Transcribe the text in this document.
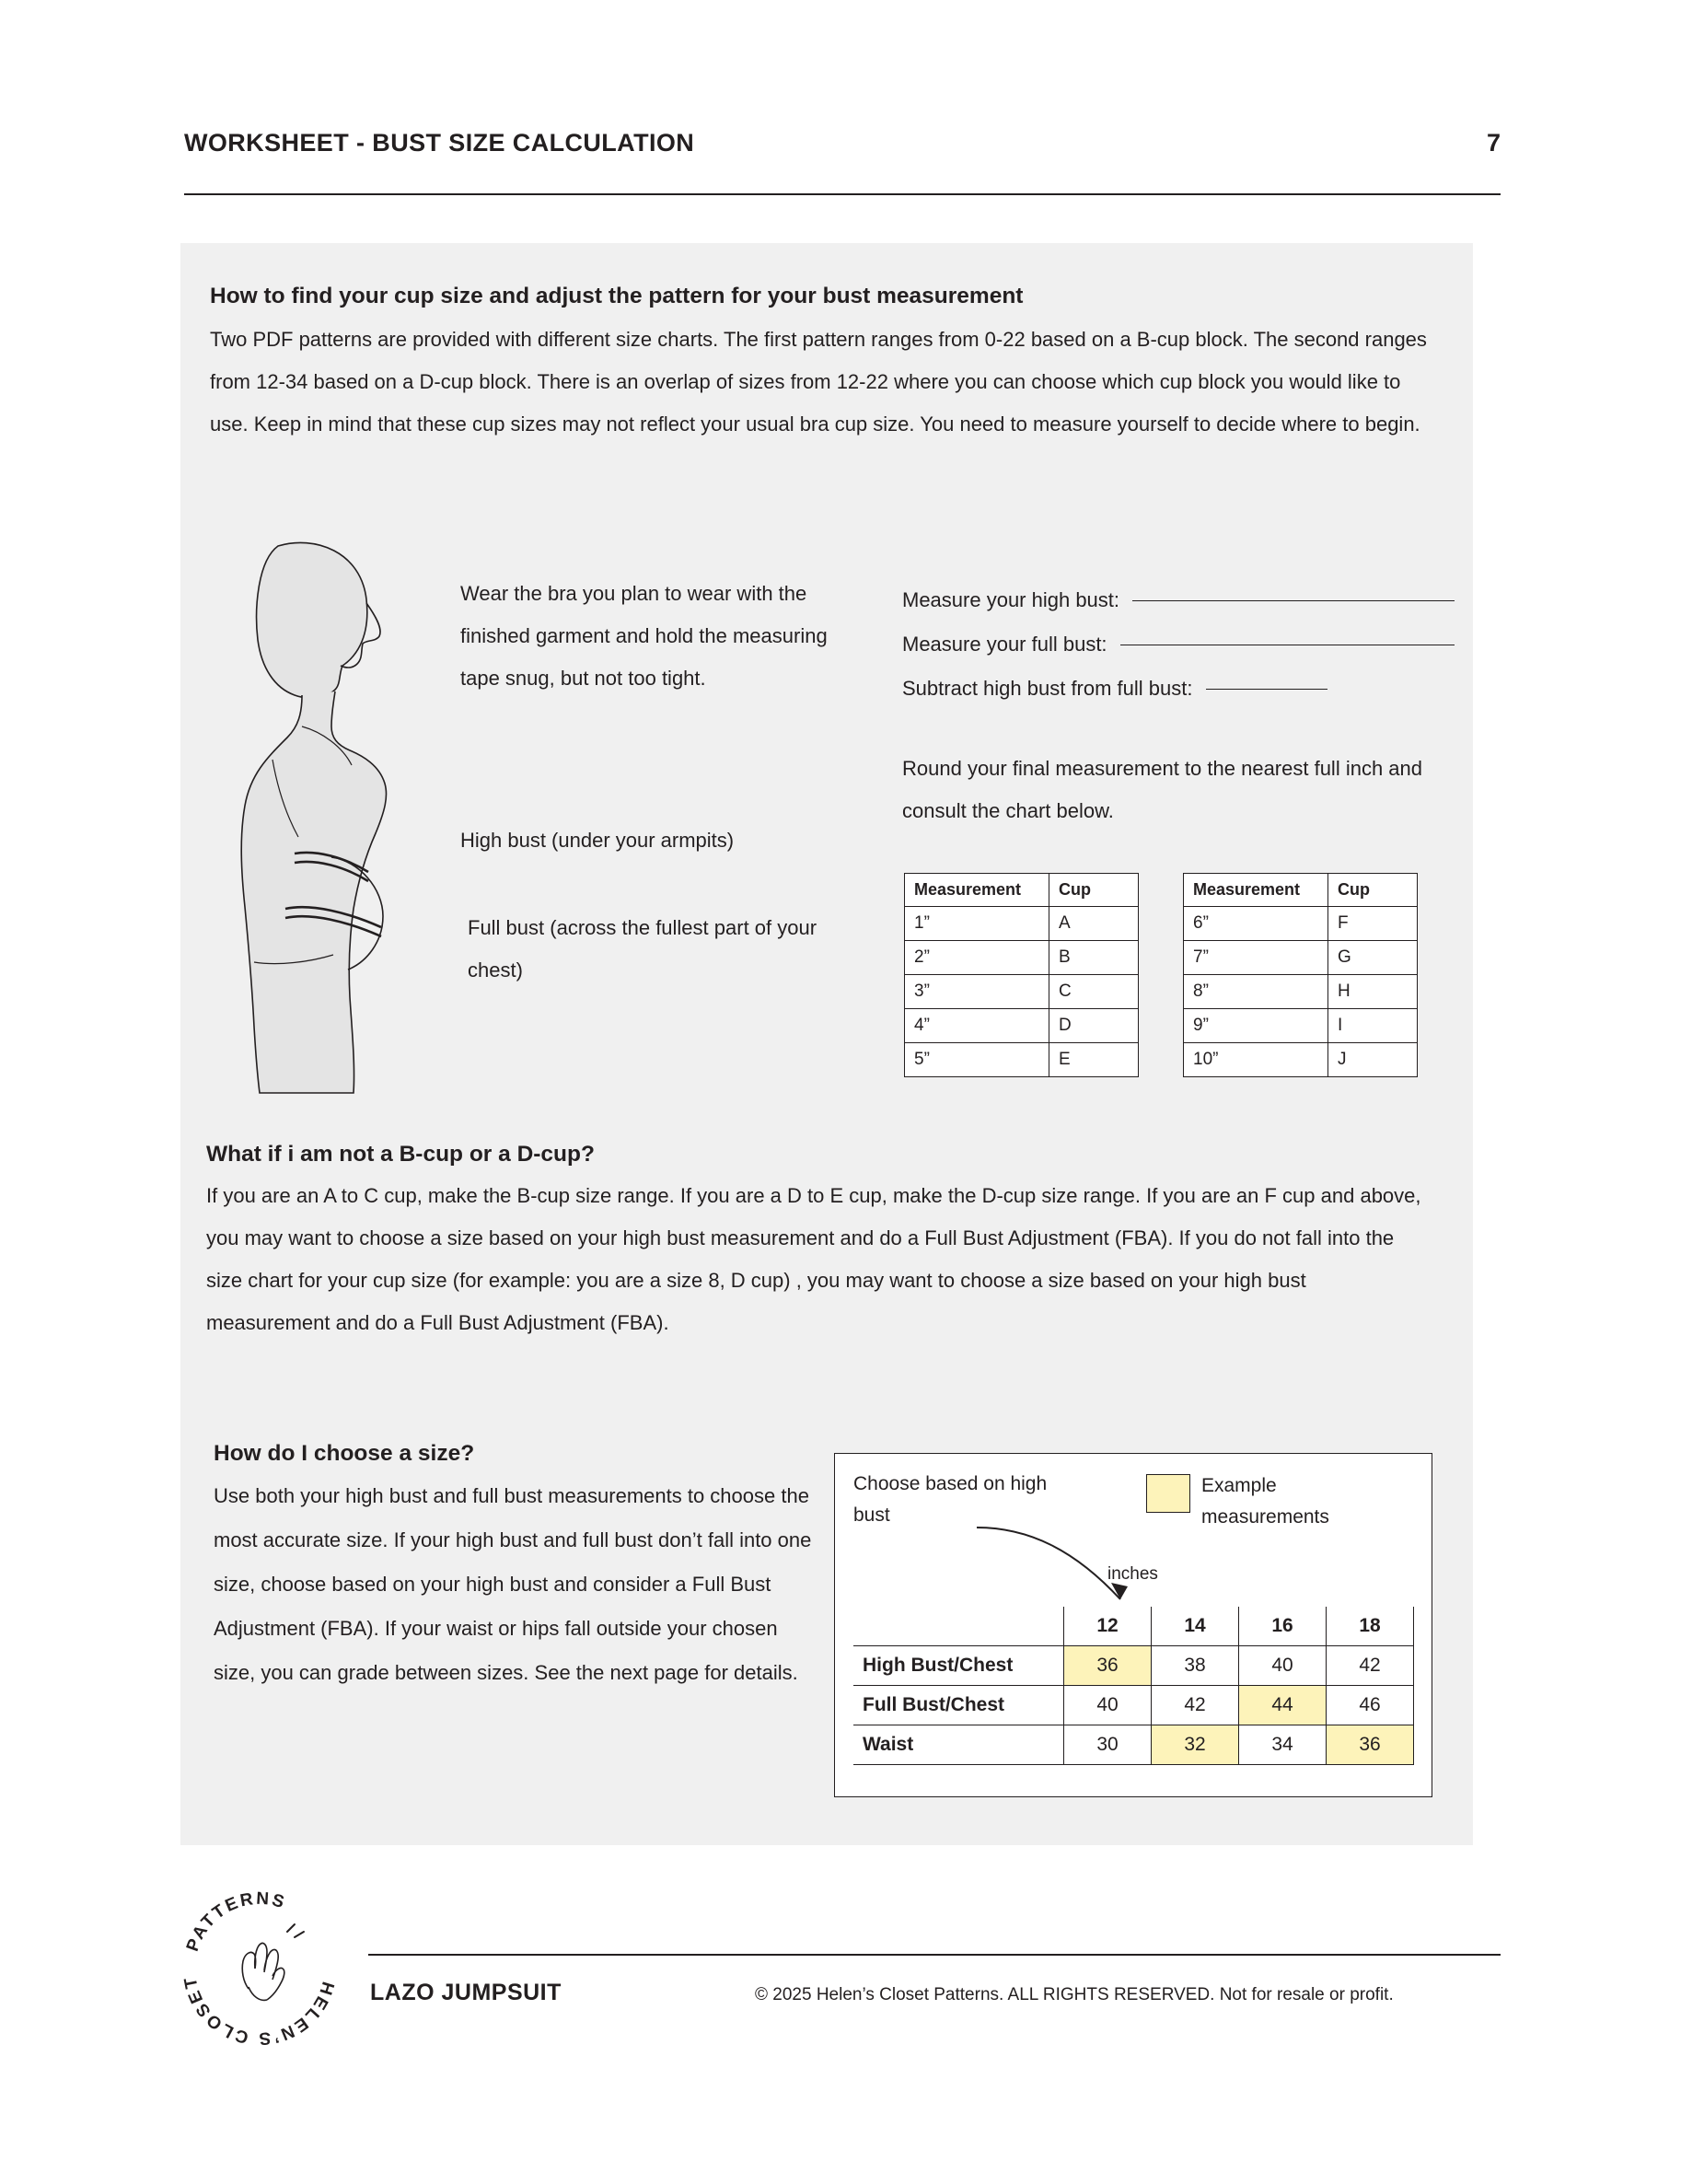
WORKSHEET - BUST SIZE CALCULATION	7
How to find your cup size and adjust the pattern for your bust measurement

Two PDF patterns are provided with different size charts. The first pattern ranges from 0-22 based on a B-cup block. The second ranges from 12-34 based on a D-cup block. There is an overlap of sizes from 12-22 where you can choose which cup block you would like to use. Keep in mind that these cup sizes may not reflect your usual bra cup size. You need to measure yourself to decide where to begin.

Wear the bra you plan to wear with the finished garment and hold the measuring tape snug, but not too tight.
High bust (under your armpits)
Full bust (across the fullest part of your chest)
Measure your high bust:
Measure your full bust:
Subtract high bust from full bust:
Round your final measurement to the nearest full inch and consult the chart below.
Measurement	Cup
1”	A
2”	B
3”	C
4”	D
5”	E
Measurement	Cup
6”	F
7”	G
8”	H
9”	I
10”	J
What if i am not a B-cup or a D-cup?

If you are an A to C cup, make the B-cup size range. If you are a D to E cup, make the D-cup size range. If you are an F cup and above, you may want to choose a size based on your high bust measurement and do a Full Bust Adjustment (FBA). If you do not fall into the size chart for your cup size (for example: you are a size 8, D cup) , you may want to choose a size based on your high bust measurement and do a Full Bust Adjustment (FBA).

How do I choose a size?

Use both your high bust and full bust measurements to choose the most accurate size. If your high bust and full bust don’t fall into one size, choose based on your high bust and consider a Full Bust Adjustment (FBA). If your waist or hips fall outside your chosen size, you can grade between sizes. See the next page for details.

Choose based on high bust
Example measurements
inches
	12	14	16	18
High Bust/Chest	36	38	40	42
Full Bust/Chest	40	42	44	46
Waist	30	32	34	36
PATTERNS
HELEN’S CLOSET	LAZO JUMPSUIT	© 2025 Helen’s Closet Patterns. ALL RIGHTS RESERVED. Not for resale or profit.
